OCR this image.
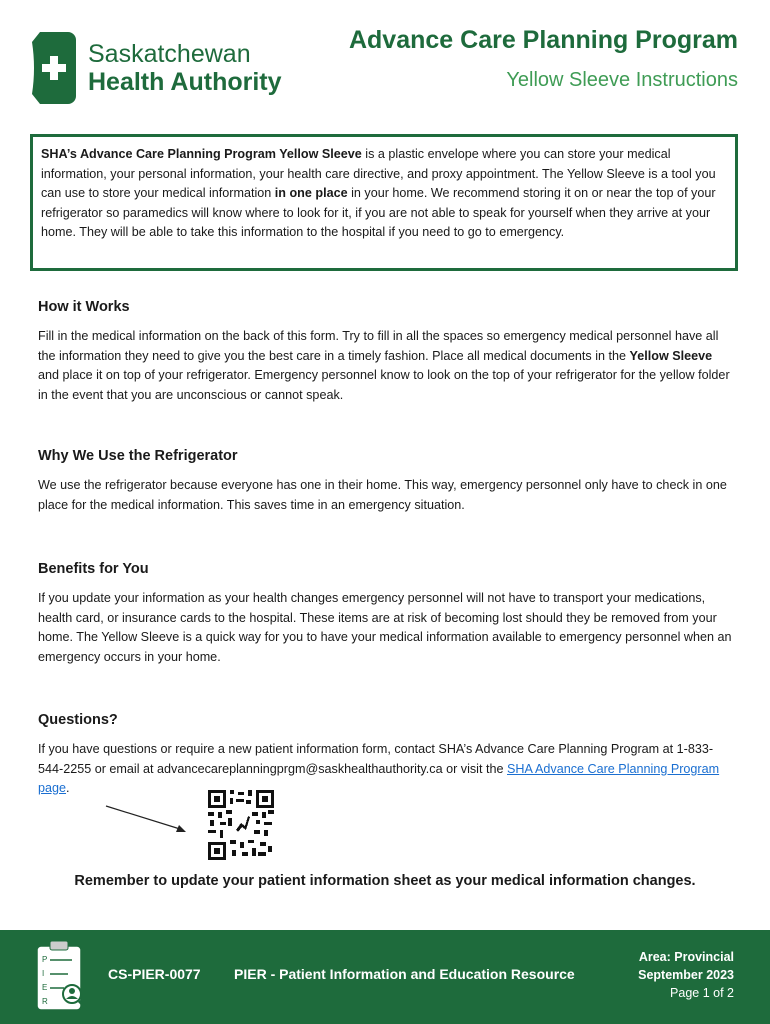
Saskatchewan
Health Authority
Advance Care Planning Program
Yellow Sleeve Instructions
SHA’s Advance Care Planning Program Yellow Sleeve is a plastic envelope where you can store your medical information, your personal information, your health care directive, and proxy appointment. The Yellow Sleeve is a tool you can use to store your medical information in one place in your home. We recommend storing it on or near the top of your refrigerator so paramedics will know where to look for it, if you are not able to speak for yourself when they arrive at your home. They will be able to take this information to the hospital if you need to go to emergency.
How it Works

Fill in the medical information on the back of this form. Try to fill in all the spaces so emergency medical personnel have all the information they need to give you the best care in a timely fashion. Place all medical documents in the Yellow Sleeve and place it on top of your refrigerator. Emergency personnel know to look on the top of your refrigerator for the yellow folder in the event that you are unconscious or cannot speak.

Why We Use the Refrigerator

We use the refrigerator because everyone has one in their home. This way, emergency personnel only have to check in one place for the medical information. This saves time in an emergency situation.

Benefits for You

If you update your information as your health changes emergency personnel will not have to transport your medications, health card, or insurance cards to the hospital. These items are at risk of becoming lost should they be removed from your home. The Yellow Sleeve is a quick way for you to have your medical information available to emergency personnel when an emergency occurs in your home.

Questions?

If you have questions or require a new patient information form, contact SHA’s Advance Care Planning Program at 1-833-544-2255 or email at advancecareplanningprgm@saskhealthauthority.ca or visit the SHA Advance Care Planning Program page.

Remember to update your patient information sheet as your medical information changes.
P
I
E
R
CS-PIER-0077 PIER - Patient Information and Education Resource
Area: Provincial
September 2023
Page 1 of 2
